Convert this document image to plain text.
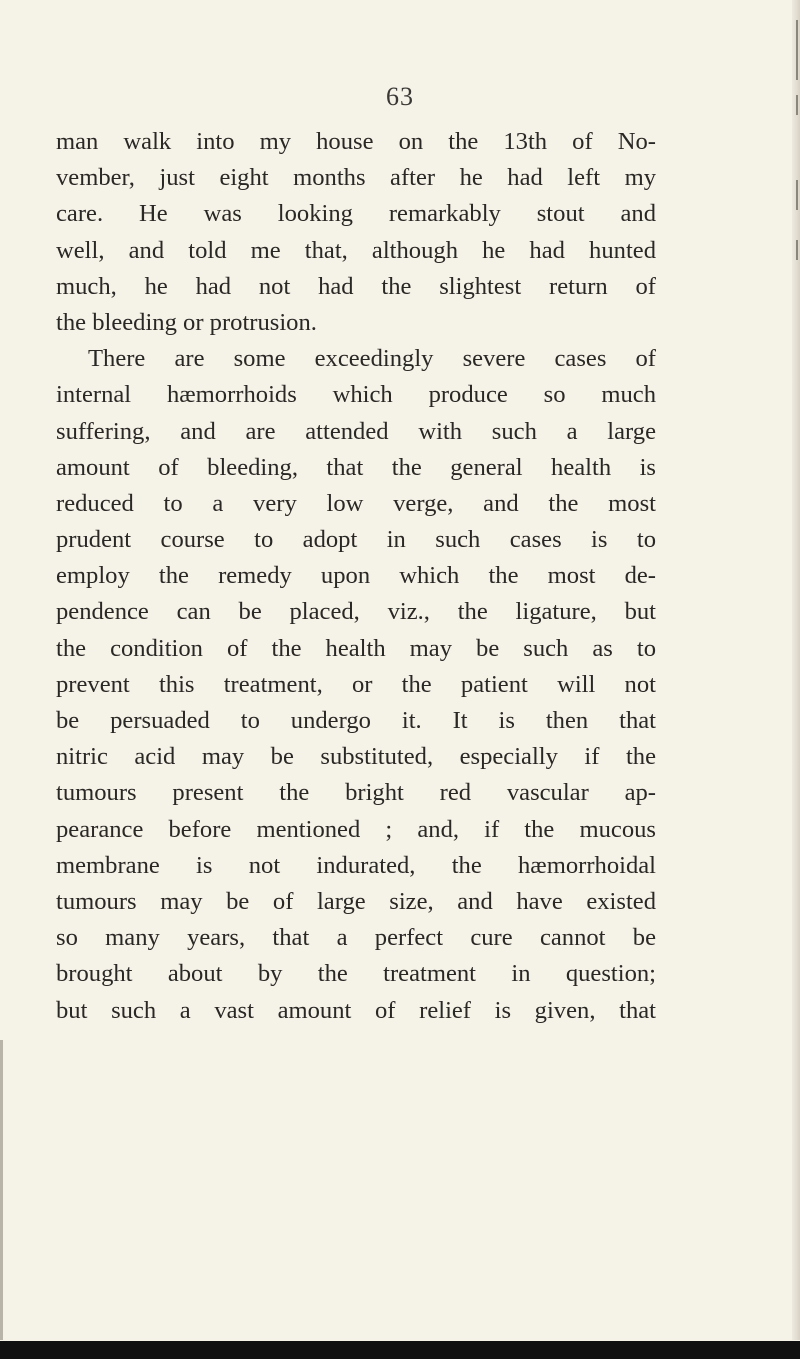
63
man walk into my house on the 13th of No-
vember, just eight months after he had left my
care. He was looking remarkably stout and
well, and told me that, although he had hunted
much, he had not had the slightest return of
the bleeding or protrusion.
There are some exceedingly severe cases of
internal hæmorrhoids which produce so much
suffering, and are attended with such a large
amount of bleeding, that the general health is
reduced to a very low verge, and the most
prudent course to adopt in such cases is to
employ the remedy upon which the most de-
pendence can be placed, viz., the ligature, but
the condition of the health may be such as to
prevent this treatment, or the patient will not
be persuaded to undergo it. It is then that
nitric acid may be substituted, especially if the
tumours present the bright red vascular ap-
pearance before mentioned ; and, if the mucous
membrane is not indurated, the hæmorrhoidal
tumours may be of large size, and have existed
so many years, that a perfect cure cannot be
brought about by the treatment in question;
but such a vast amount of relief is given, that
